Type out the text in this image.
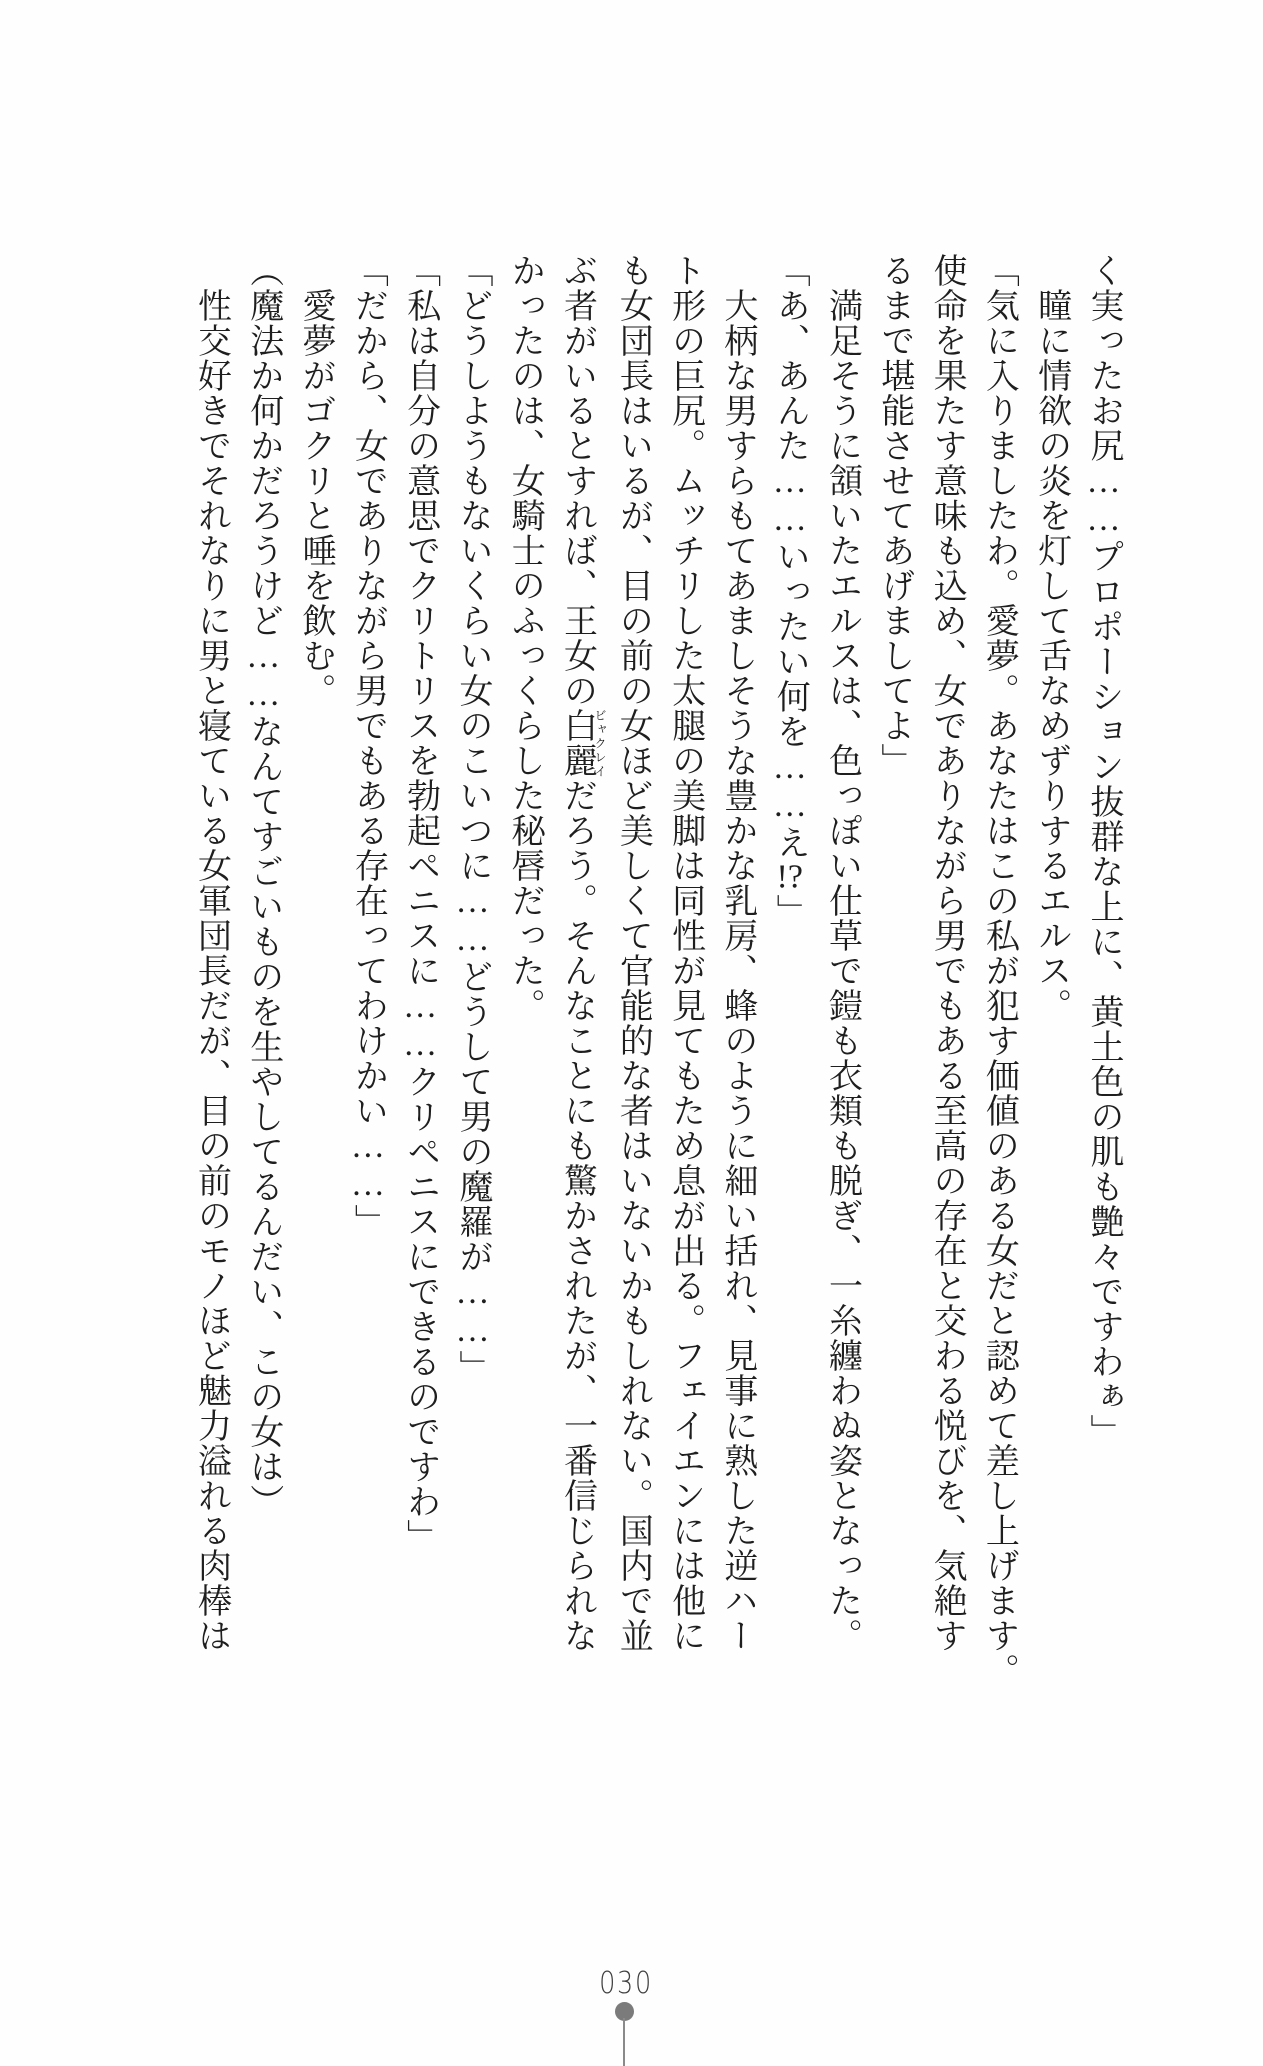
く実ったお尻……プロポーション抜群な上に、黄土色の肌も艶々ですわぁ」

瞳に情欲の炎を灯して舌なめずりするエルス。

「気に入りましたわ。愛夢。あなたはこの私が犯す価値のある女だと認めて差し上げます。

使命を果たす意味も込め、女でありながら男でもある至高の存在と交わる悦びを、気絶す

るまで堪能させてあげましてよ」

満足そうに頷いたエルスは、色っぽい仕草で鎧も衣類も脱ぎ、一糸纏わぬ姿となった。

「あ、あんた……いったい何を……え!?」

大柄な男すらもてあましそうな豊かな乳房、蜂のように細い括れ、見事に熟した逆ハー

ト形の巨尻。ムッチリした太腿の美脚は同性が見てもため息が出る。フェイエンには他に

も女団長はいるが、目の前の女ほど美しくて官能的な者はいないかもしれない。国内で並

ぶ者がいるとすれば、王女の白麗ビャクレイだろう。そんなことにも驚かされたが、一番信じられな

かったのは、女騎士のふっくらした秘唇だった。

「どうしようもないくらい女のこいつに……どうして男の魔羅が……」

「私は自分の意思でクリトリスを勃起ペニスに……クリペニスにできるのですわ」

「だから、女でありながら男でもある存在ってわけかい……」

愛夢がゴクリと唾を飲む。

（魔法か何かだろうけど……なんてすごいものを生やしてるんだい、この女は）

性交好きでそれなりに男と寝ている女軍団長だが、目の前のモノほど魅力溢れる肉棒は

030
